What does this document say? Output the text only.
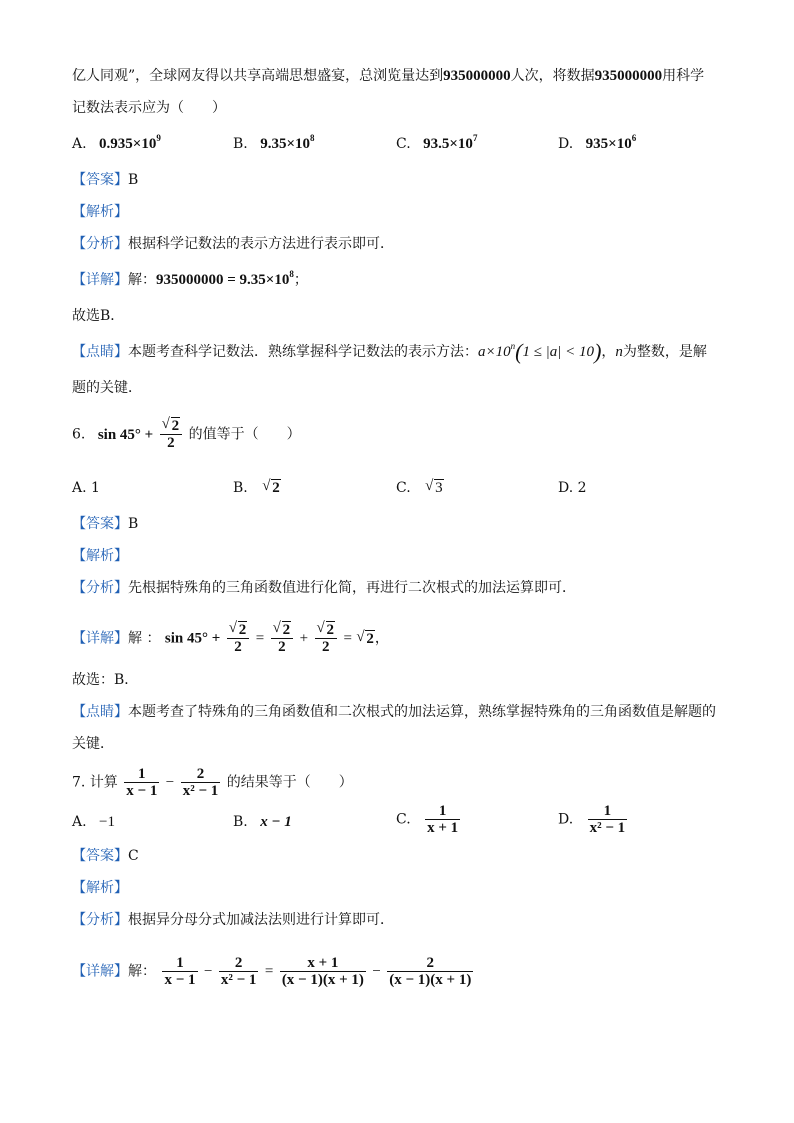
亿人同观”，全球网友得以共享高端思想盛宴，总浏览量达到935000000人次，将数据935000000用科学
记数法表示应为（　　）
A. $0.935\times 10^9$	B. $9.35\times 10^8$	C. $93.5\times 10^7$	D. $935\times 10^6$
【答案】B
【解析】
【分析】根据科学记数法的表示方法进行表示即可．
【详解】解：$935000000 = 9.35\times 10^8$；
故选B．
【点睛】本题考查科学记数法．熟练掌握科学记数法的表示方法：$a\times 10^n(1 \le |a| < 10)$，n为整数，是解
题的关键．
6. $\sin 45^\circ + \frac{√ 2}{2}$ 的值等于（　　）
A. 1	B. √ 2	C. √ 3	D. 2
【答案】B
【解析】
【分析】先根据特殊角的三角函数值进行化简，再进行二次根式的加法运算即可．
【详解】解 ： $\sin 45^\circ + \frac{√ 2}{2} = \frac{√ 2}{2} + \frac{√ 2}{2}$ = √ 2，
故选：B．
【点睛】本题考查了特殊角的三角函数值和二次根式的加法运算，熟练掌握特殊角的三角函数值是解题的
关键．
7. 计算 $\frac{1}{x - 1} - \frac{2}{\text{x² − 1}}$ 的结果等于（　　）
A. −1	B. x − 1	C. $\frac{1}{x + 1}$	D. $\frac{1}{\text{x² − 1}}$
【答案】C
【解析】
【分析】根据异分母分式加减法法则进行计算即可．
【详解】解： $\frac{1}{x - 1} - \frac{2}{\text{x² − 1}} = \frac{x + 1}{(x - 1)(x + 1)} - \frac{2}{(x - 1)(x + 1)}$
